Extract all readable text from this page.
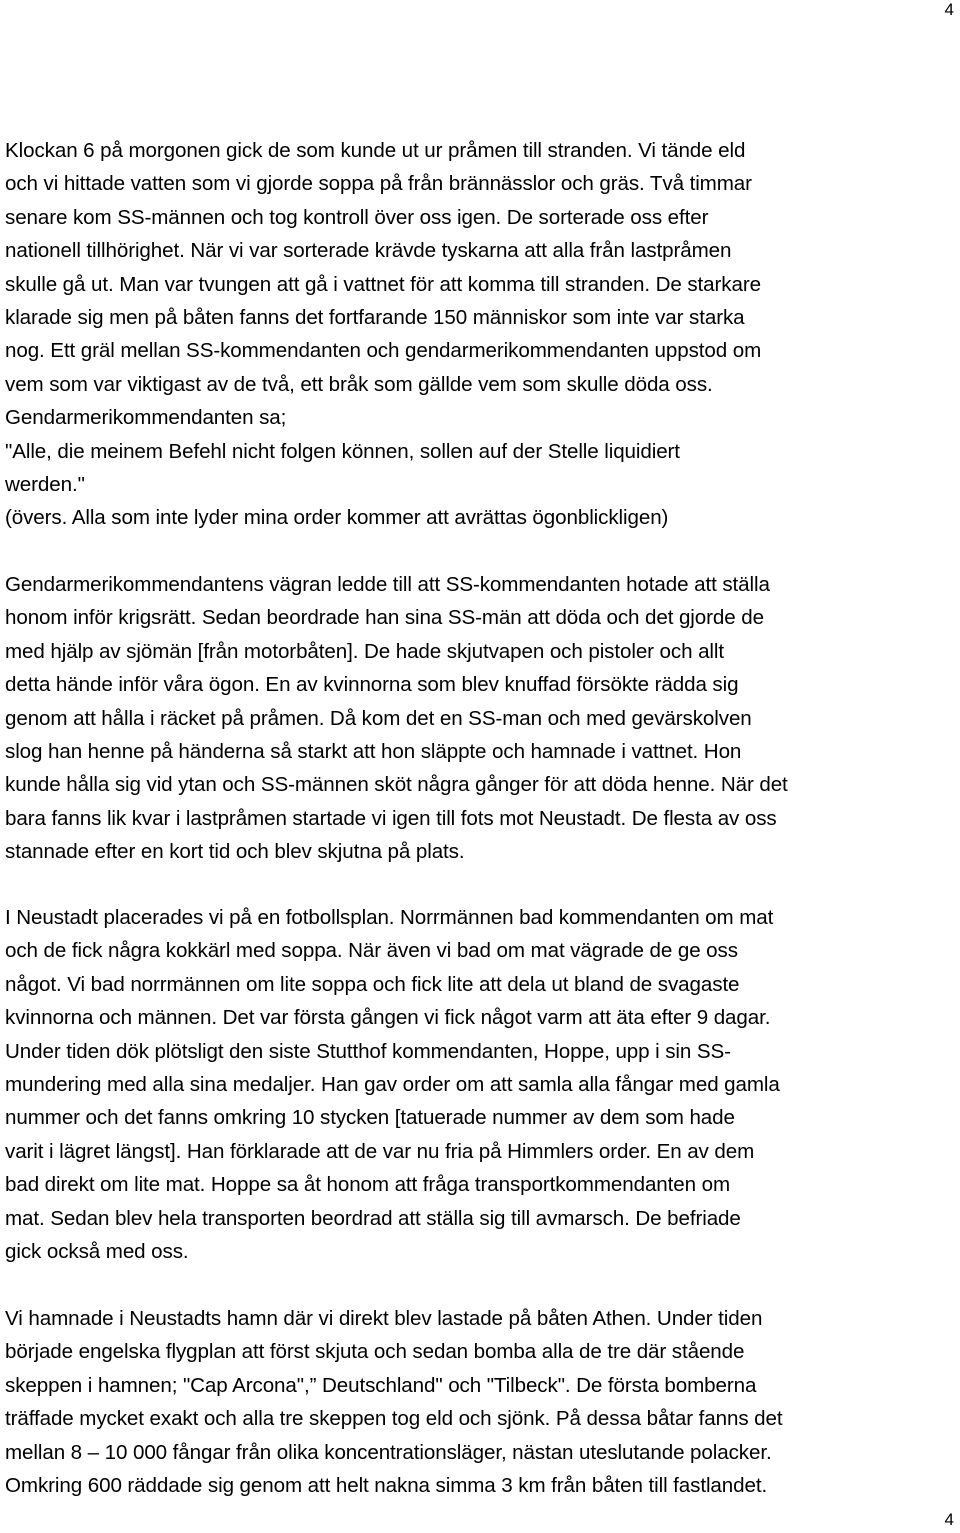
4
Klockan 6 på morgonen gick de som kunde ut ur pråmen till stranden. Vi tände eld
och vi hittade vatten som vi gjorde soppa på från brännässlor och gräs. Två timmar
senare kom SS-männen och tog kontroll över oss igen. De sorterade oss efter
nationell tillhörighet. När vi var sorterade krävde tyskarna att alla från lastpråmen
skulle gå ut. Man var tvungen att gå i vattnet för att komma till stranden. De starkare
klarade sig men på båten fanns det fortfarande 150 människor som inte var starka
nog. Ett gräl mellan SS-kommendanten och gendarmerikommendanten uppstod om
vem som var viktigast av de två, ett bråk som gällde vem som skulle döda oss.
Gendarmerikommendanten sa;
"Alle, die meinem Befehl nicht folgen können, sollen auf der Stelle liquidiert
werden."
(övers. Alla som inte lyder mina order kommer att avrättas ögonblickligen)
Gendarmerikommendantens vägran ledde till att SS-kommendanten hotade att ställa
honom inför krigsrätt. Sedan beordrade han sina SS-män att döda och det gjorde de
med hjälp av sjömän [från motorbåten]. De hade skjutvapen och pistoler och allt
detta hände inför våra ögon. En av kvinnorna som blev knuffad försökte rädda sig
genom att hålla i räcket på pråmen. Då kom det en SS-man och med gevärskolven
slog han henne på händerna så starkt att hon släppte och hamnade i vattnet. Hon
kunde hålla sig vid ytan och SS-männen sköt några gånger för att döda henne. När det
bara fanns lik kvar i lastpråmen startade vi igen till fots mot Neustadt. De flesta av oss
stannade efter en kort tid och blev skjutna på plats.
I Neustadt placerades vi på en fotbollsplan. Norrmännen bad kommendanten om mat
och de fick några kokkärl med soppa. När även vi bad om mat vägrade de ge oss
något. Vi bad norrmännen om lite soppa och fick lite att dela ut bland de svagaste
kvinnorna och männen. Det var första gången vi fick något varm att äta efter 9 dagar.
Under tiden dök plötsligt den siste Stutthof kommendanten, Hoppe, upp i sin SS-
mundering med alla sina medaljer. Han gav order om att samla alla fångar med gamla
nummer och det fanns omkring 10 stycken [tatuerade nummer av dem som hade
varit i lägret längst]. Han förklarade att de var nu fria på Himmlers order. En av dem
bad direkt om lite mat. Hoppe sa åt honom att fråga transportkommendanten om
mat. Sedan blev hela transporten beordrad att ställa sig till avmarsch. De befriade
gick också med oss.
Vi hamnade i Neustadts hamn där vi direkt blev lastade på båten Athen. Under tiden
började engelska flygplan att först skjuta och sedan bomba alla de tre där stående
skeppen i hamnen; "Cap Arcona",” Deutschland" och "Tilbeck". De första bomberna
träffade mycket exakt och alla tre skeppen tog eld och sjönk. På dessa båtar fanns det
mellan 8 – 10 000 fångar från olika koncentrationsläger, nästan uteslutande polacker.
Omkring 600 räddade sig genom att helt nakna simma 3 km från båten till fastlandet.
4
